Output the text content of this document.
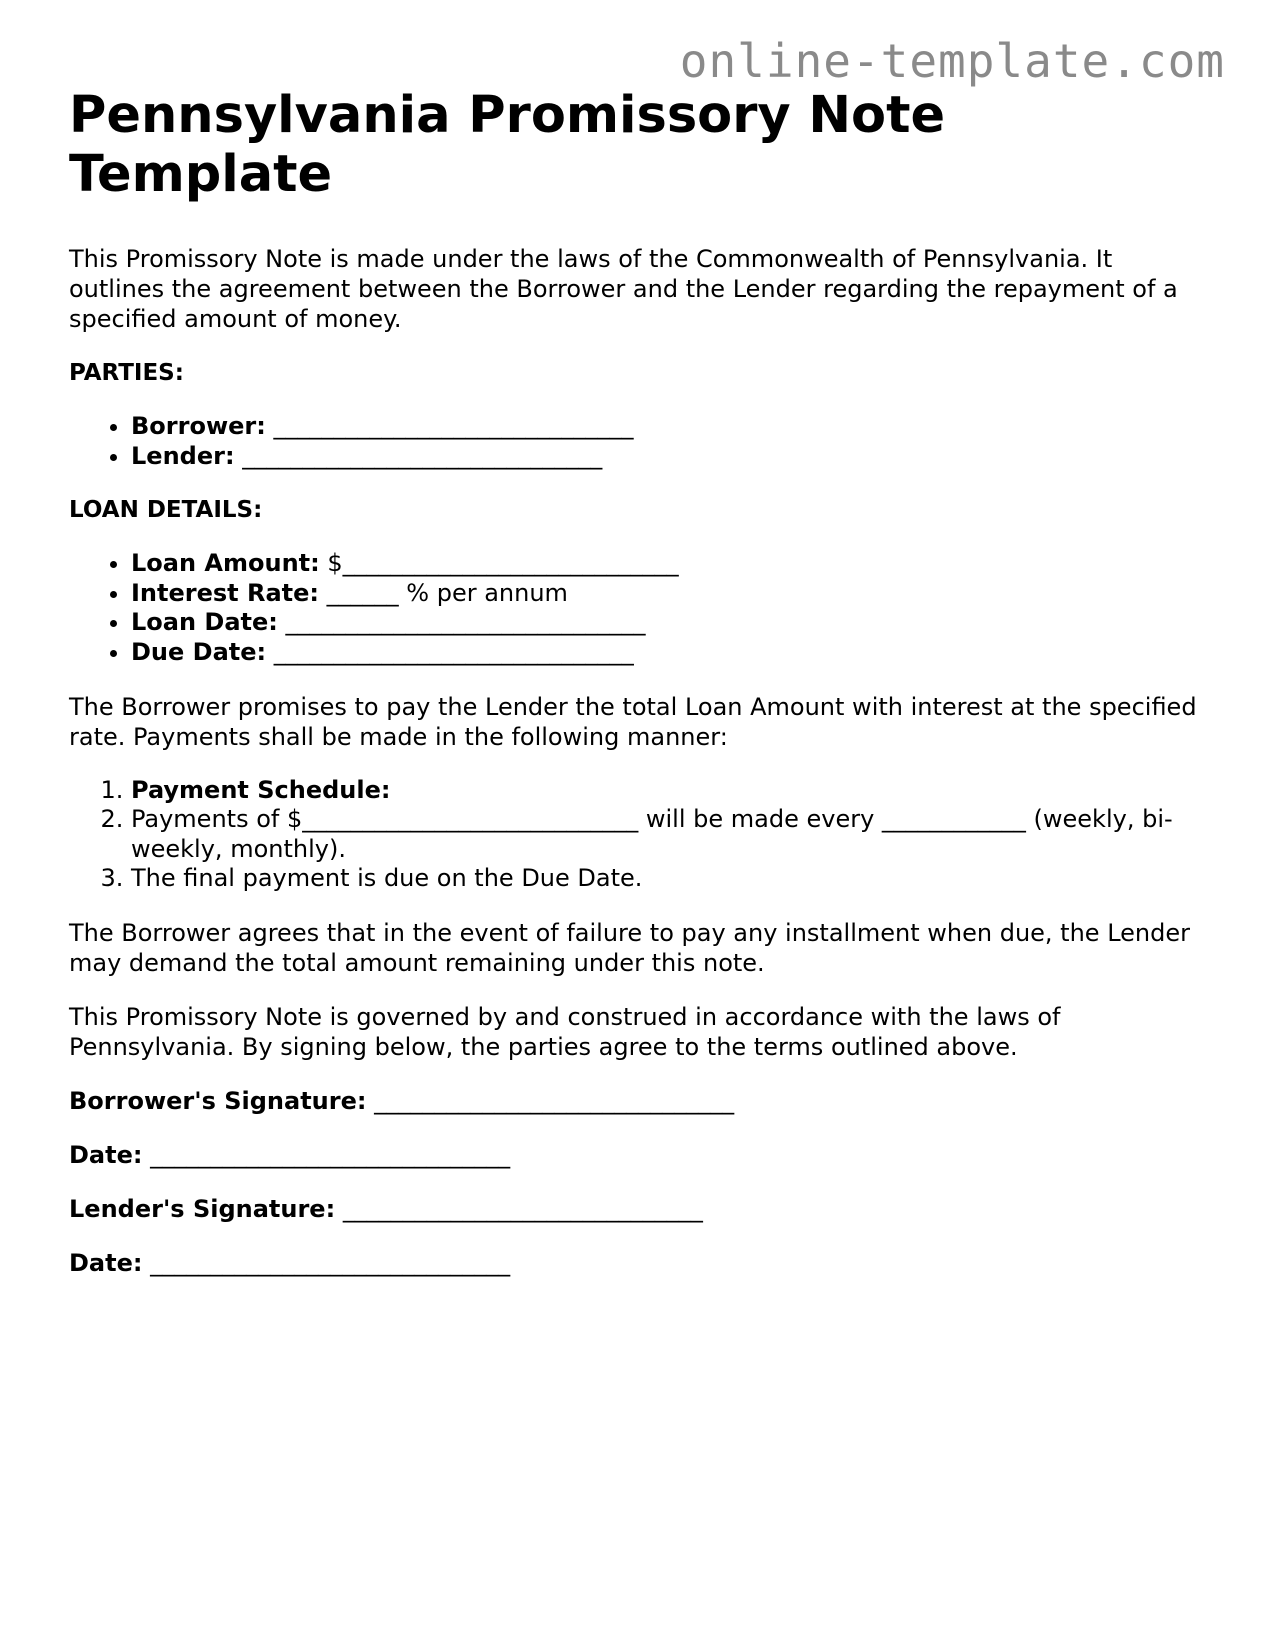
online-template.com
Pennsylvania Promissory Note Template

This Promissory Note is made under the laws of the Commonwealth of Pennsylvania. It outlines the agreement between the Borrower and the Lender regarding the repayment of a specified amount of money.

PARTIES:
• Borrower: ______________________________
• Lender: ______________________________
LOAN DETAILS:
• Loan Amount: $____________________________
• Interest Rate: ______ % per annum
• Loan Date: ______________________________
• Due Date: ______________________________

The Borrower promises to pay the Lender the total Loan Amount with interest at the specified rate. Payments shall be made in the following manner:

1. Payment Schedule:
2. Payments of $____________________________ will be made every ____________ (weekly, bi-weekly, monthly).
3. The final payment is due on the Due Date.

The Borrower agrees that in the event of failure to pay any installment when due, the Lender may demand the total amount remaining under this note.

This Promissory Note is governed by and construed in accordance with the laws of Pennsylvania. By signing below, the parties agree to the terms outlined above.

Borrower's Signature: ______________________________
Date: ______________________________
Lender's Signature: ______________________________
Date: ______________________________
